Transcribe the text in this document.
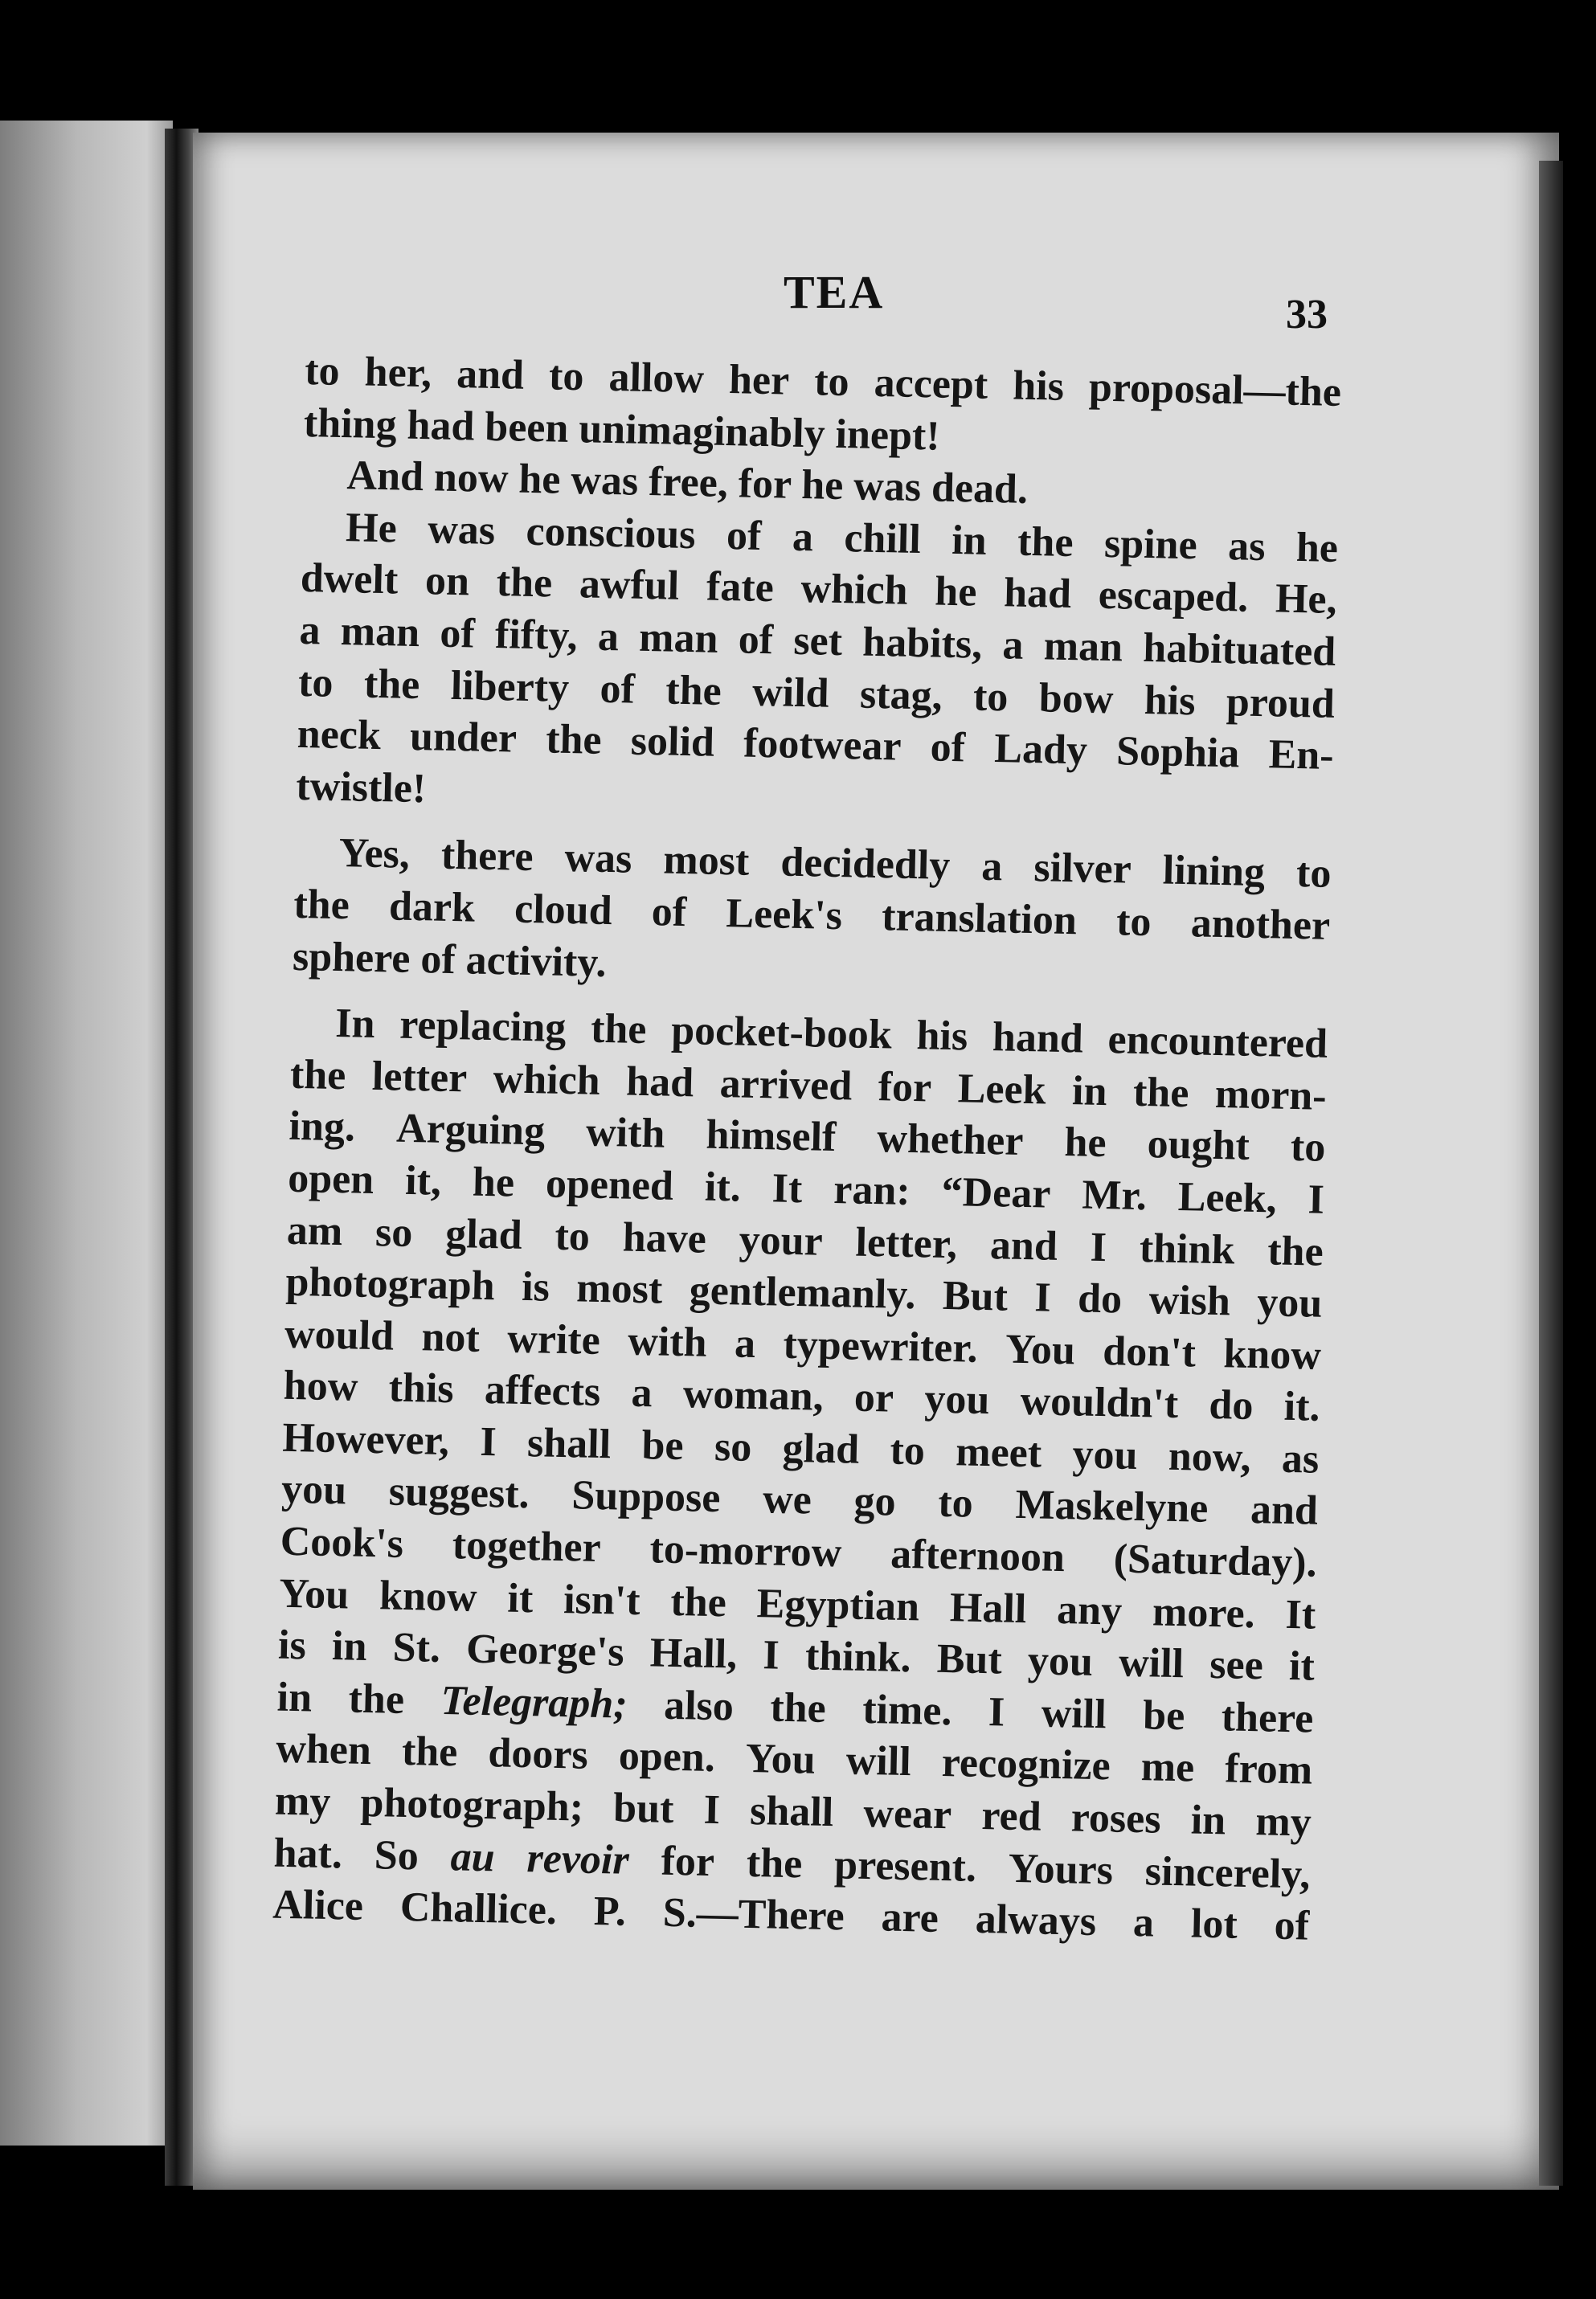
TEA	33
to her, and to allow her to accept his proposal—the
thing
had
been
unimaginably
inept!
And
now
he
was
free,
for
he
was
dead.
He was conscious of a chill in the spine as he
dwelt on the awful fate which he had escaped. He,
a man of fifty, a man of set habits, a man habituated
to the liberty of the wild stag, to bow his proud
neck under the solid footwear of Lady Sophia En-
twistle!
Yes, there was most decidedly a silver lining to
the dark cloud of Leek's translation to another
sphere
of
activity.
In replacing the pocket-book his hand encountered
the letter which had arrived for Leek in the morn-
ing. Arguing with himself whether he ought to
open it, he opened it. It ran: “Dear Mr. Leek, I
am so glad to have your letter, and I think the
photograph is most gentlemanly. But I do wish you
would not write with a typewriter. You don't know
how this affects a woman, or you wouldn't do it.
However, I shall be so glad to meet you now, as
you suggest. Suppose we go to Maskelyne and
Cook's together to-morrow afternoon (Saturday).
You know it isn't the Egyptian Hall any more. It
is in St. George's Hall, I think. But you will see it
in the Telegraph; also the time. I will be there
when the doors open. You will recognize me from
my photograph; but I shall wear red roses in my
hat. So au revoir for the present. Yours sincerely,
Alice Challice. P. S.—There are always a lot of
